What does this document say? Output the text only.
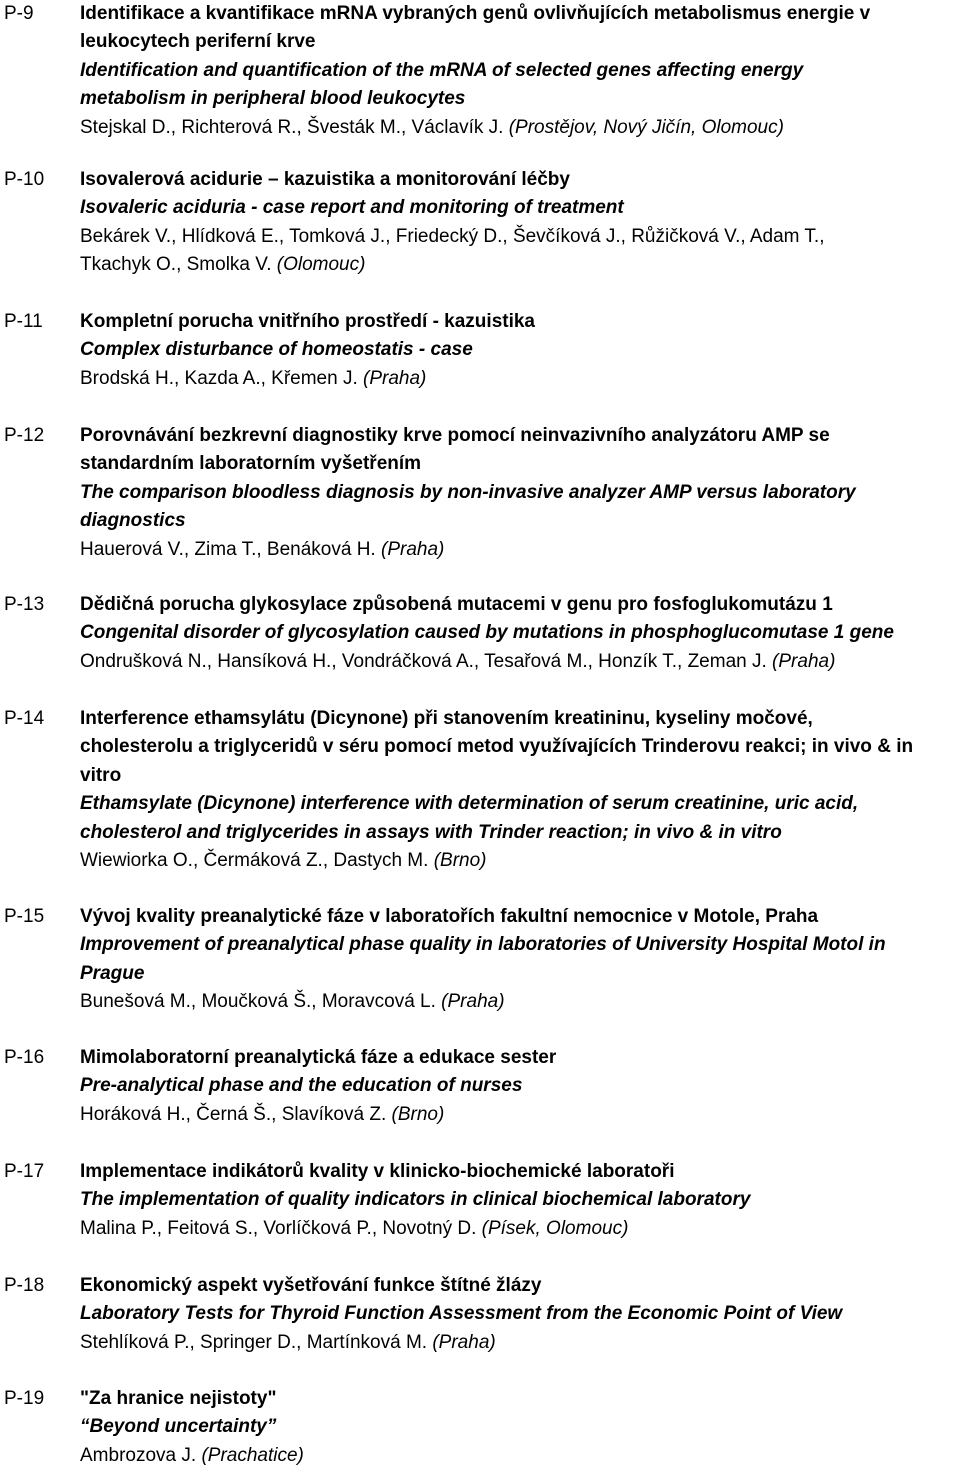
P-9	Identifikace a kvantifikace mRNA vybraných genů ovlivňujících metabolismus energie v
leukocytech periferní krve
Identification and quantification of the mRNA of selected genes affecting energy
metabolism in peripheral blood leukocytes
Stejskal D., Richterová R., Švesták M., Václavík J. (Prostějov, Nový Jičín, Olomouc)
P-10	Isovalerová acidurie – kazuistika a monitorování léčby
Isovaleric aciduria - case report and monitoring of treatment
Bekárek V., Hlídková E., Tomková J., Friedecký D., Ševčíková J., Růžičková V., Adam T.,
Tkachyk O., Smolka V. (Olomouc)
P-11	Kompletní porucha vnitřního prostředí - kazuistika
Complex disturbance of homeostatis - case
Brodská H., Kazda A., Křemen J. (Praha)
P-12	Porovnávání bezkrevní diagnostiky krve pomocí neinvazivního analyzátoru AMP se
standardním laboratorním vyšetřením
The comparison bloodless diagnosis by non-invasive analyzer AMP versus laboratory
diagnostics
Hauerová V., Zima T., Benáková H. (Praha)
P-13	Dědičná porucha glykosylace způsobená mutacemi v genu pro fosfoglukomutázu 1
Congenital disorder of glycosylation caused by mutations in phosphoglucomutase 1 gene
Ondrušková N., Hansíková H., Vondráčková A., Tesařová M., Honzík T., Zeman J. (Praha)
P-14	Interference ethamsylátu (Dicynone) při stanovením kreatininu, kyseliny močové,
cholesterolu a triglyceridů v séru pomocí metod využívajících Trinderovu reakci; in vivo & in
vitro
Ethamsylate (Dicynone) interference with determination of serum creatinine, uric acid,
cholesterol and triglycerides in assays with Trinder reaction; in vivo & in vitro
Wiewiorka O., Čermáková Z., Dastych M. (Brno)
P-15	Vývoj kvality preanalytické fáze v laboratořích fakultní nemocnice v Motole, Praha
Improvement of preanalytical phase quality in laboratories of University Hospital Motol in
Prague
Bunešová M., Moučková Š., Moravcová L. (Praha)
P-16	Mimolaboratorní preanalytická fáze a edukace sester
Pre-analytical phase and the education of nurses
Horáková H., Černá Š., Slavíková Z. (Brno)
P-17	Implementace indikátorů kvality v klinicko-biochemické laboratoři
The implementation of quality indicators in clinical biochemical laboratory
Malina P., Feitová S., Vorlíčková P., Novotný D. (Písek, Olomouc)
P-18	Ekonomický aspekt vyšetřování funkce štítné žlázy
Laboratory Tests for Thyroid Function Assessment from the Economic Point of View
Stehlíková P., Springer D., Martínková M. (Praha)
P-19	"Za hranice nejistoty"
“Beyond uncertainty”
Ambrozova J. (Prachatice)
